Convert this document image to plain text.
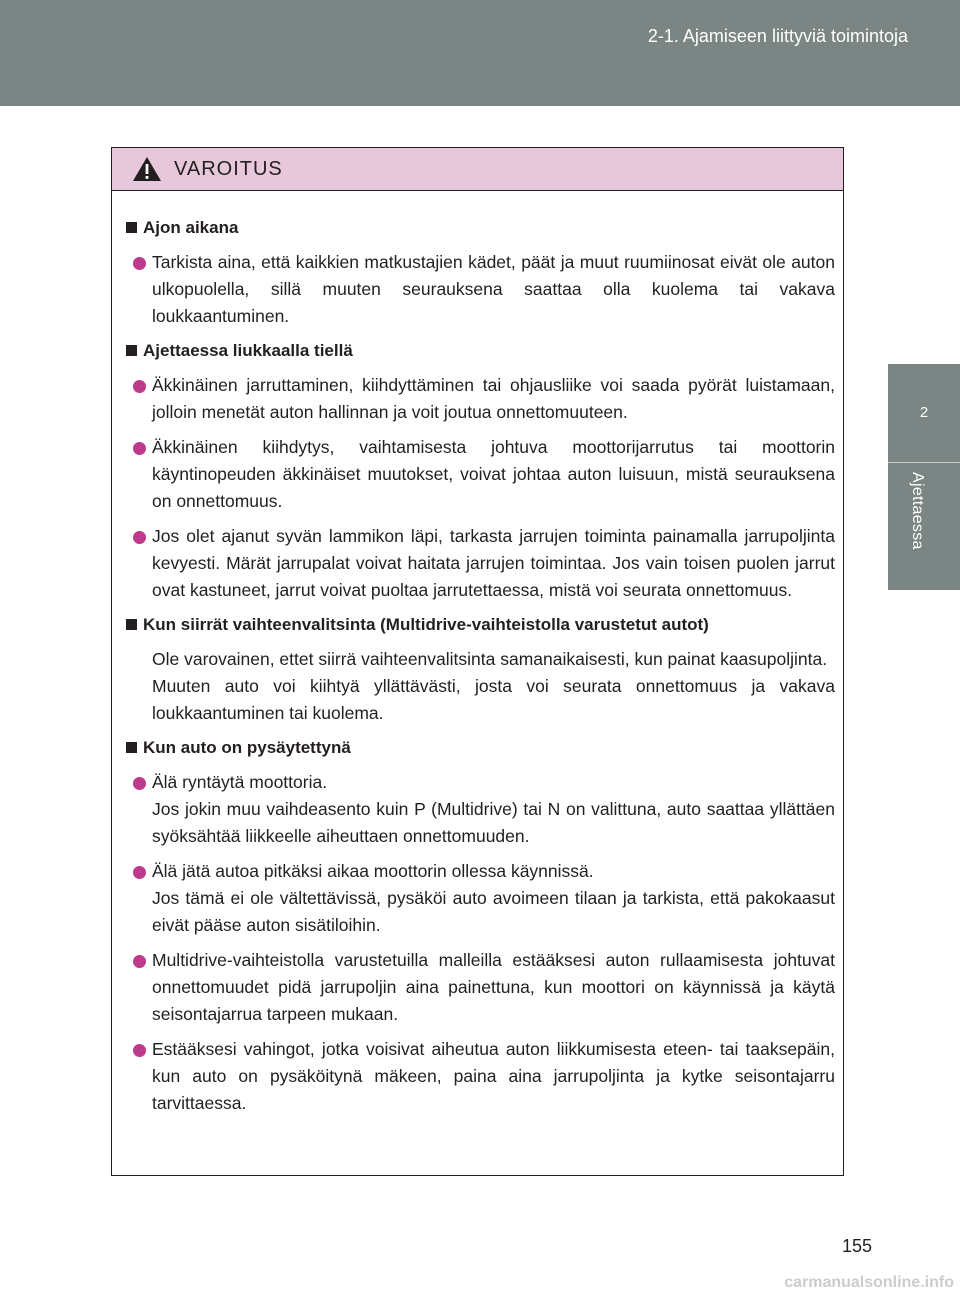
2-1. Ajamiseen liittyviä toimintoja
2
Ajettaessa
VAROITUS
Ajon aikana
Tarkista aina, että kaikkien matkustajien kädet, päät ja muut ruumiinosat eivät ole auton ulkopuolella, sillä muuten seurauksena saattaa olla kuolema tai vakava loukkaantuminen.
Ajettaessa liukkaalla tiellä
Äkkinäinen jarruttaminen, kiihdyttäminen tai ohjausliike voi saada pyörät luistamaan, jolloin menetät auton hallinnan ja voit joutua onnettomuuteen.
Äkkinäinen kiihdytys, vaihtamisesta johtuva moottorijarrutus tai moottorin käyntinopeuden äkkinäiset muutokset, voivat johtaa auton luisuun, mistä seurauksena on onnettomuus.
Jos olet ajanut syvän lammikon läpi, tarkasta jarrujen toiminta painamalla jarrupoljinta kevyesti. Märät jarrupalat voivat haitata jarrujen toimintaa. Jos vain toisen puolen jarrut ovat kastuneet, jarrut voivat puoltaa jarrutettaessa, mistä voi seurata onnettomuus.
Kun siirrät vaihteenvalitsinta (Multidrive-vaihteistolla varustetut autot)
Ole varovainen, ettet siirrä vaihteenvalitsinta samanaikaisesti, kun painat kaasupoljinta.
Muuten auto voi kiihtyä yllättävästi, josta voi seurata onnettomuus ja vakava loukkaantuminen tai kuolema.
Kun auto on pysäytettynä
Älä ryntäytä moottoria.
Jos jokin muu vaihdeasento kuin P (Multidrive) tai N on valittuna, auto saattaa yllättäen syöksähtää liikkeelle aiheuttaen onnettomuuden.
Älä jätä autoa pitkäksi aikaa moottorin ollessa käynnissä.
Jos tämä ei ole vältettävissä, pysäköi auto avoimeen tilaan ja tarkista, että pakokaasut eivät pääse auton sisätiloihin.
Multidrive-vaihteistolla varustetuilla malleilla estääksesi auton rullaamisesta johtuvat onnettomuudet pidä jarrupoljin aina painettuna, kun moottori on käynnissä ja käytä seisontajarrua tarpeen mukaan.
Estääksesi vahingot, jotka voisivat aiheutua auton liikkumisesta eteen- tai taaksepäin, kun auto on pysäköitynä mäkeen, paina aina jarrupoljinta ja kytke seisontajarru tarvittaessa.
155
carmanualsonline.info
